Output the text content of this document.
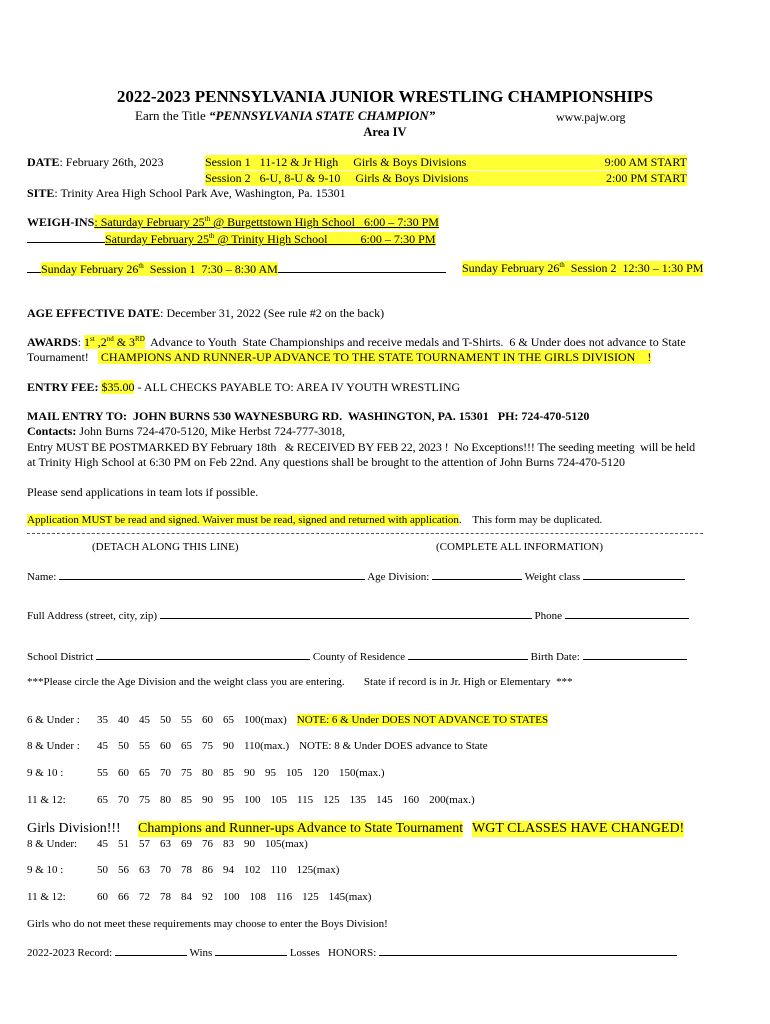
2022-2023 PENNSYLVANIA JUNIOR WRESTLING CHAMPIONSHIPS
Earn the Title “PENNSYLVANIA STATE CHAMPION”	www.pajw.org
Area IV
DATE: February 26th, 2023	Session 1   11-12 & Jr High     Girls & Boys Divisions	9:00 AM START
Session 2   6-U, 8-U & 9-10     Girls & Boys Divisions	2:00 PM START
SITE: Trinity Area High School Park Ave, Washington, Pa. 15301
WEIGH-INS: Saturday February 25th @ Burgettstown High School   6:00 – 7:30 PM
Saturday February 25th @ Trinity High School           6:00 – 7:30 PM
Sunday February 26th  Session 1  7:30 – 8:30 AM	Sunday February 26th  Session 2  12:30 – 1:30 PM
AGE EFFECTIVE DATE: December 31, 2022 (See rule #2 on the back)
AWARDS: 1st ,2nd & 3RD  Advance to Youth  State Championships and receive medals and T-Shirts.  6 & Under does not advance to State
Tournament!    CHAMPIONS AND RUNNER-UP ADVANCE TO THE STATE TOURNAMENT IN THE GIRLS DIVISION    !
ENTRY FEE: $35.00 - ALL CHECKS PAYABLE TO: AREA IV YOUTH WRESTLING
MAIL ENTRY TO:  JOHN BURNS 530 WAYNESBURG RD.  WASHINGTON, PA. 15301   PH: 724-470-5120
Contacts: John Burns 724-470-5120, Mike Herbst 724-777-3018,
Entry MUST BE POSTMARKED BY February 18th   & RECEIVED BY FEB 22, 2023 !  No Exceptions!!! The seeding meeting  will be held
at Trinity High School at 6:30 PM on Feb 22nd. Any questions shall be brought to the attention of John Burns 724-470-5120
Please send applications in team lots if possible.
Application MUST be read and signed. Waiver must be read, signed and returned with application.    This form may be duplicated.
(DETACH ALONG THIS LINE)	(COMPLETE ALL INFORMATION)
Name:	Age Division:	Weight class
Full Address (street, city, zip)	Phone
School District	County of Residence	Birth Date:
***Please circle the Age Division and the weight class you are entering.       State if record is in Jr. High or Elementary  ***
6 & Under : 35 40 45 50 55 60 65 100(max) NOTE: 6 & Under DOES NOT ADVANCE TO STATES
8 & Under : 45 50 55 60 65 75 90 110(max.) NOTE: 8 & Under DOES advance to State
9 & 10 :	55 60 65 70 75 80 85 90 95 105 120 150(max.)
11 & 12:	65 70 75 80 85 90 95 100 105 115 125 135 145 160 200(max.)
Girls Division!!! Champions and Runner-ups Advance to State Tournament WGT CLASSES HAVE CHANGED!
8 & Under: 45 51 57 63 69 76 83 90 105(max)
9 & 10 :	50 56 63 70 78 86 94 102 110 125(max)
11 & 12:	60 66 72 78 84 92 100 108 116 125 145(max)
Girls who do not meet these requirements may choose to enter the Boys Division!
2022-2023 Record:	Wins	Losses HONORS:
